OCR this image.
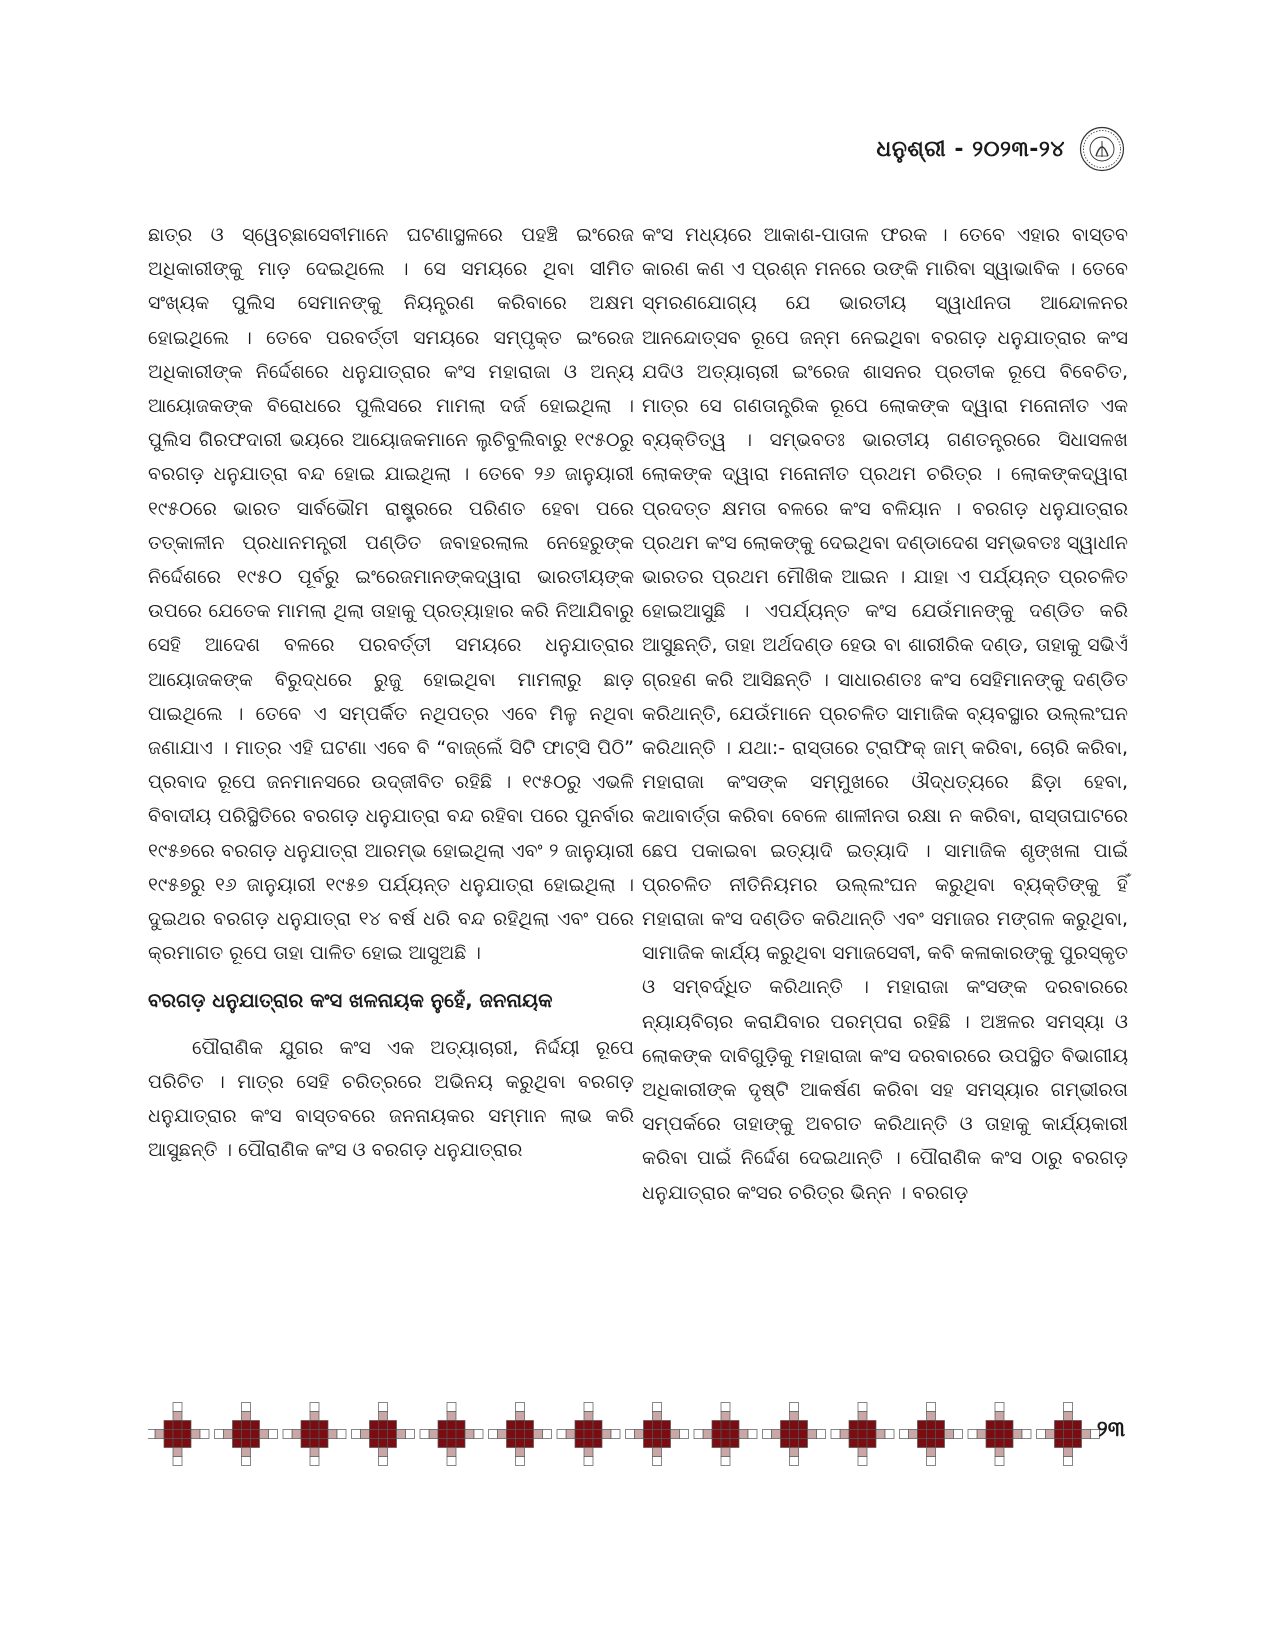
ଧନୁଶ୍ରୀ - ୨୦୨୩-୨୪

ଛାତ୍ର ଓ ସ୍ୱେଚ୍ଛାସେବୀମାନେ ଘଟଣାସ୍ଥଳରେ ପହଞ୍ଚି ଇଂରେଜ ଅଧିକାରୀଙ୍କୁ ମାଡ଼ ଦେଇଥିଲେ । ସେ ସମୟରେ ଥିବା ସୀମିତ ସଂଖ୍ୟକ ପୁଲିସ ସେମାନଙ୍କୁ ନିୟନ୍ତ୍ରଣ କରିବାରେ ଅକ୍ଷମ ହୋଇଥିଲେ । ତେବେ ପରବର୍ତ୍ତୀ ସମୟରେ ସମ୍ପୃକ୍ତ ଇଂରେଜ ଅଧିକାରୀଙ୍କ ନିର୍ଦ୍ଦେଶରେ ଧନୁଯାତ୍ରାର କଂସ ମହାରାଜା ଓ ଅନ୍ୟ ଆୟୋଜକଙ୍କ ବିରୋଧରେ ପୁଲିସରେ ମାମଲା ଦର୍ଜ ହୋଇଥିଲା । ପୁଲିସ ଗିରଫଦାରୀ ଭୟରେ ଆୟୋଜକମାନେ ଲୁଚିବୁଲିବାରୁ ୧୯୫୦ରୁ ବରଗଡ଼ ଧନୁଯାତ୍ରା ବନ୍ଦ ହୋଇ ଯାଇଥିଲା । ତେବେ ୨୬ ଜାନୁୟାରୀ ୧୯୫୦ରେ ଭାରତ ସାର୍ବଭୌମ ରାଷ୍ଟ୍ରରେ ପରିଣତ ହେବା ପରେ ତତ୍‌କାଳୀନ ପ୍ରଧାନମନ୍ତ୍ରୀ ପଣ୍ଡିତ ଜବାହରଲାଲ ନେହେରୁଙ୍କ ନିର୍ଦ୍ଦେଶରେ ୧୯୫୦ ପୂର୍ବରୁ ଇଂରେଜମାନଙ୍କଦ୍ୱାରା ଭାରତୀୟଙ୍କ ଉପରେ ଯେତେକ ମାମଲା ଥିଲା ତାହାକୁ ପ୍ରତ୍ୟାହାର କରି ନିଆଯିବାରୁ ସେହି ଆଦେଶ ବଳରେ ପରବର୍ତ୍ତୀ ସମୟରେ ଧନୁଯାତ୍ରାର ଆୟୋଜକଙ୍କ ବିରୁଦ୍ଧରେ ରୁଜୁ ହୋଇଥିବା ମାମଲାରୁ ଛାଡ଼ ପାଇଥିଲେ । ତେବେ ଏ ସମ୍ପର୍କିତ ନଥିପତ୍ର ଏବେ ମିଳୁ ନଥିବା ଜଣାଯାଏ । ମାତ୍ର ଏହି ଘଟଣା ଏବେ ବି “ବାଜ୍‌ଲେଁ ସିଟି ଫାଟ୍‌ସି ପିଠି” ପ୍ରବାଦ ରୂପେ ଜନମାନସରେ ଉଦ୍‌ଜୀବିତ ରହିଛି । ୧୯୫୦ରୁ ଏଭଳି ବିବାଦୀୟ ପରିସ୍ଥିତିରେ ବରଗଡ଼ ଧନୁଯାତ୍ରା ବନ୍ଦ ରହିବା ପରେ ପୁନର୍ବାର ୧୯୫୭ରେ ବରଗଡ଼ ଧନୁଯାତ୍ରା ଆରମ୍ଭ ହୋଇଥିଲା ଏବଂ ୨ ଜାନୁୟାରୀ ୧୯୫୭ରୁ ୧୬ ଜାନୁୟାରୀ ୧୯୫୭ ପର୍ଯ୍ୟନ୍ତ ଧନୁଯାତ୍ରା ହୋଇଥିଲା । ଦୁଇଥର ବରଗଡ଼ ଧନୁଯାତ୍ରା ୧୪ ବର୍ଷ ଧରି ବନ୍ଦ ରହିଥିଲା ଏବଂ ପରେ କ୍ରମାଗତ ରୂପେ ତାହା ପାଳିତ ହୋଇ ଆସୁଅଛି ।

ବରଗଡ଼ ଧନୁଯାତ୍ରାର କଂସ ଖଳନାୟକ ନୁହେଁ, ଜନନାୟକ

ପୌରାଣିକ ଯୁଗର କଂସ ଏକ ଅତ୍ୟାଚାରୀ, ନିର୍ଦ୍ଦୟୀ ରୂପେ ପରିଚିତ । ମାତ୍ର ସେହି ଚରିତ୍ରରେ ଅଭିନୟ କରୁଥିବା ବରଗଡ଼ ଧନୁଯାତ୍ରାର କଂସ ବାସ୍ତବରେ ଜନନାୟକର ସମ୍ମାନ ଲାଭ କରି ଆସୁଛନ୍ତି । ପୌରାଣିକ କଂସ ଓ ବରଗଡ଼ ଧନୁଯାତ୍ରାର

କଂସ ମଧ୍ୟରେ ଆକାଶ-ପାତାଳ ଫରକ । ତେବେ ଏହାର ବାସ୍ତବ କାରଣ କଣ ଏ ପ୍ରଶ୍ନ ମନରେ ଉଙ୍କି ମାରିବା ସ୍ୱାଭାବିକ । ତେବେ ସ୍ମରଣଯୋଗ୍ୟ ଯେ ଭାରତୀୟ ସ୍ୱାଧୀନତା ଆନ୍ଦୋଳନର ଆନନ୍ଦୋତ୍ସବ ରୂପେ ଜନ୍ମ ନେଇଥିବା ବରଗଡ଼ ଧନୁଯାତ୍ରାର କଂସ ଯଦିଓ ଅତ୍ୟାଚାରୀ ଇଂରେଜ ଶାସନର ପ୍ରତୀକ ରୂପେ ବିବେଚିତ, ମାତ୍ର ସେ ଗଣତାନ୍ତ୍ରିକ ରୂପେ ଲୋକଙ୍କ ଦ୍ୱାରା ମନୋନୀତ ଏକ ବ୍ୟକ୍ତିତ୍ୱ । ସମ୍ଭବତଃ ଭାରତୀୟ ଗଣତନ୍ତ୍ରରେ ସିଧାସଳଖ ଲୋକଙ୍କ ଦ୍ୱାରା ମନୋନୀତ ପ୍ରଥମ ଚରିତ୍ର । ଲୋକଙ୍କଦ୍ୱାରା ପ୍ରଦତ୍ତ କ୍ଷମତା ବଳରେ କଂସ ବଳିୟାନ । ବରଗଡ଼ ଧନୁଯାତ୍ରାର ପ୍ରଥମ କଂସ ଲୋକଙ୍କୁ ଦେଇଥିବା ଦଣ୍ଡାଦେଶ ସମ୍ଭବତଃ ସ୍ୱାଧୀନ ଭାରତର ପ୍ରଥମ ମୌଖିକ ଆଇନ । ଯାହା ଏ ପର୍ଯ୍ୟନ୍ତ ପ୍ରଚଳିତ ହୋଇଆସୁଛି । ଏପର୍ଯ୍ୟନ୍ତ କଂସ ଯେଉଁମାନଙ୍କୁ ଦଣ୍ଡିତ କରି ଆସୁଛନ୍ତି, ତାହା ଅର୍ଥଦଣ୍ଡ ହେଉ ବା ଶାରୀରିକ ଦଣ୍ଡ, ତାହାକୁ ସଭିଏଁ ଗ୍ରହଣ କରି ଆସିଛନ୍ତି । ସାଧାରଣତଃ କଂସ ସେହିମାନଙ୍କୁ ଦଣ୍ଡିତ କରିଥାନ୍ତି, ଯେଉଁମାନେ ପ୍ରଚଳିତ ସାମାଜିକ ବ୍ୟବସ୍ଥାର ଉଲ୍ଲଂଘନ କରିଥାନ୍ତି । ଯଥା:- ରାସ୍ତାରେ ଟ୍ରାଫିକ୍ ଜାମ୍ କରିବା, ଚୋରି କରିବା, ମହାରାଜା କଂସଙ୍କ ସମ୍ମୁଖରେ ଔଦ୍ଧତ୍ୟରେ ଛିଡ଼ା ହେବା, କଥାବାର୍ତ୍ତା କରିବା ବେଳେ ଶାଳୀନତା ରକ୍ଷା ନ କରିବା, ରାସ୍ତାଘାଟରେ ଛେପ ପକାଇବା ଇତ୍ୟାଦି ଇତ୍ୟାଦି । ସାମାଜିକ ଶୃଙ୍ଖଳା ପାଇଁ ପ୍ରଚଳିତ ନୀତିନିୟମର ଉଲ୍ଲଂଘନ କରୁଥିବା ବ୍ୟକ୍ତିଙ୍କୁ ହିଁ ମହାରାଜା କଂସ ଦଣ୍ଡିତ କରିଥାନ୍ତି ଏବଂ ସମାଜର ମଙ୍ଗଳ କରୁଥିବା, ସାମାଜିକ କାର୍ଯ୍ୟ କରୁଥିବା ସମାଜସେବୀ, କବି କଳାକାରଙ୍କୁ ପୁରସ୍କୃତ ଓ ସମ୍ବର୍ଦ୍ଧିତ କରିଥାନ୍ତି । ମହାରାଜା କଂସଙ୍କ ଦରବାରରେ ନ୍ୟାୟବିଚାର କରାଯିବାର ପରମ୍ପରା ରହିଛି । ଅଞ୍ଚଳର ସମସ୍ୟା ଓ ଲୋକଙ୍କ ଦାବିଗୁଡ଼ିକୁ ମହାରାଜା କଂସ ଦରବାରରେ ଉପସ୍ଥିତ ବିଭାଗୀୟ ଅଧିକାରୀଙ୍କ ଦୃଷ୍ଟି ଆକର୍ଷଣ କରିବା ସହ ସମସ୍ୟାର ଗମ୍ଭୀରତା ସମ୍ପର୍କରେ ତାହାଙ୍କୁ ଅବଗତ କରିଥାନ୍ତି ଓ ତାହାକୁ କାର୍ଯ୍ୟକାରୀ କରିବା ପାଇଁ ନିର୍ଦ୍ଦେଶ ଦେଇଥାନ୍ତି । ପୌରାଣିକ କଂସ ଠାରୁ ବରଗଡ଼ ଧନୁଯାତ୍ରାର କଂସର ଚରିତ୍ର ଭିନ୍ନ । ବରଗଡ଼

୨୩
